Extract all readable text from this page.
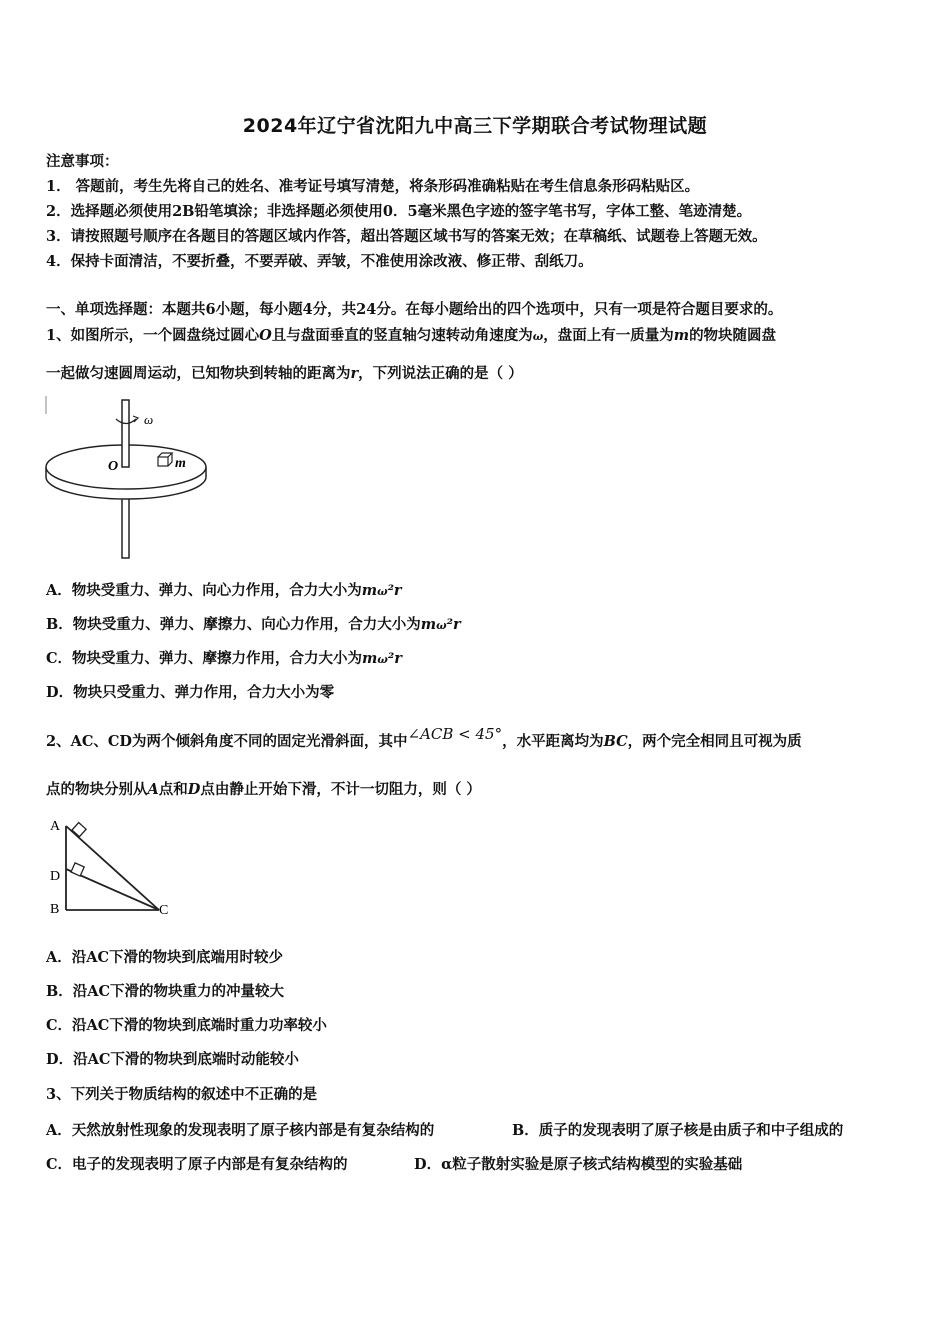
2024年辽宁省沈阳九中高三下学期联合考试物理试题
注意事项：
1． 答题前，考生先将自己的姓名、准考证号填写清楚，将条形码准确粘贴在考生信息条形码粘贴区。
2．选择题必须使用2B铅笔填涂；非选择题必须使用0．5毫米黑色字迹的签字笔书写，字体工整、笔迹清楚。
3．请按照题号顺序在各题目的答题区域内作答，超出答题区域书写的答案无效；在草稿纸、试题卷上答题无效。
4．保持卡面清洁，不要折叠，不要弄破、弄皱，不准使用涂改液、修正带、刮纸刀。
一、单项选择题：本题共6小题，每小题4分，共24分。在每小题给出的四个选项中，只有一项是符合题目要求的。
1、如图所示，一个圆盘绕过圆心O且与盘面垂直的竖直轴匀速转动角速度为ω，盘面上有一质量为m的物块随圆盘
一起做匀速圆周运动，已知物块到转轴的距离为r，下列说法正确的是（ ）
ω
O	m
A．物块受重力、弹力、向心力作用，合力大小为mω²r
B．物块受重力、弹力、摩擦力、向心力作用，合力大小为mω²r
C．物块受重力、弹力、摩擦力作用，合力大小为mω²r
D．物块只受重力、弹力作用，合力大小为零
2、AC、CD为两个倾斜角度不同的固定光滑斜面，其中∠ACB < 45°，水平距离均为BC，两个完全相同且可视为质
点的物块分别从A点和D点由静止开始下滑，不计一切阻力，则（ ）
A
D
B	C
A．沿AC下滑的物块到底端用时较少
B．沿AC下滑的物块重力的冲量较大
C．沿AC下滑的物块到底端时重力功率较小
D．沿AC下滑的物块到底端时动能较小
3、下列关于物质结构的叙述中不正确的是
A．天然放射性现象的发现表明了原子核内部是有复杂结构的	B．质子的发现表明了原子核是由质子和中子组成的
C．电子的发现表明了原子内部是有复杂结构的	D．α粒子散射实验是原子核式结构模型的实验基础
